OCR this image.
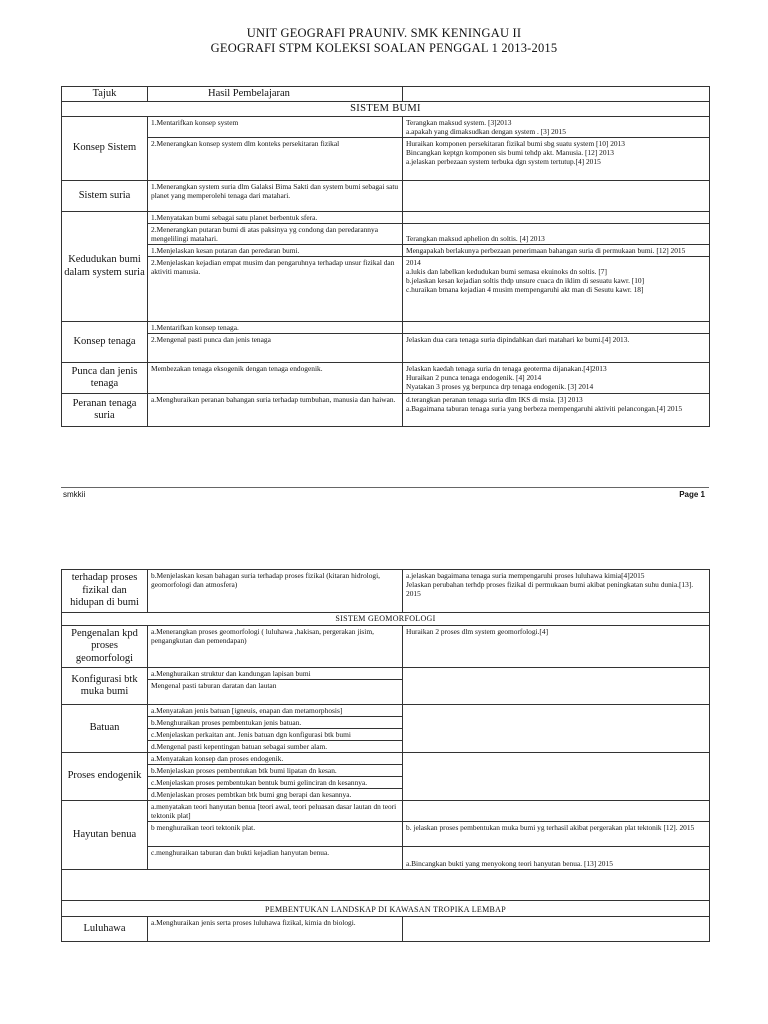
UNIT GEOGRAFI PRAUNIV. SMK KENINGAU II
GEOGRAFI STPM KOLEKSI SOALAN PENGGAL 1 2013-2015
Tajuk	Hasil Pembelajaran	
SISTEM BUMI		
Konsep Sistem	1.Mentarifkan konsep system	Terangkan maksud system. [3]2013
a.apakah yang dimaksudkan dengan system . [3] 2015
	2.Menerangkan konsep system dlm konteks persekitaran fizikal	Huraikan komponen persekitaran fizikal bumi sbg suatu system [10] 2013
Bincangkan keptgn komponen sis bumi tehdp akt. Manusia. [12] 2013
a.jelaskan perbezaan system terbuka dgn system tertutup.[4] 2015
Sistem suria	1.Menerangkan system suria dlm Galaksi Bima Sakti dan system bumi sebagai satu planet yang memperolehi tenaga dari matahari.	
Kedudukan bumi dalam system suria	1.Menyatakan bumi sebagai satu planet berbentuk sfera.	
	2.Menerangkan putaran bumi di atas paksinya yg condong dan peredarannya mengelilingi matahari.	Terangkan maksud aphelion dn soltis. [4] 2013
	1.Menjelaskan kesan putaran dan peredaran bumi.	Mengapakah berlakunya perbezaan penerimaan bahangan suria di permukaan bumi. [12] 2015
	2.Menjelaskan kejadian empat musim dan pengaruhnya terhadap unsur fizikal dan aktiviti manusia.	2014
a.lukis dan labelkan kedudukan bumi semasa ekuinoks dn soltis. [7]
b.jelaskan kesan kejadian soltis thdp unsure cuaca dn iklim di sesuatu kawr. [10]
c.huraikan bmana kejadian 4 musim mempengaruhi akt man di Sesutu kawr. 18]
Konsep tenaga	1.Mentarifkan konsep tenaga.	
	2.Mengenal pasti punca dan jenis tenaga	Jelaskan dua cara tenaga suria dipindahkan dari matahari ke bumi.[4] 2013.
Punca dan jenis tenaga	Membezakan tenaga eksogenik dengan tenaga endogenik.	Jelaskan kaedah tenaga suria dn tenaga geoterma dijanakan.[4]2013
Huraikan 2 punca tenaga endogenik. [4] 2014
Nyatakan 3 proses yg berpunca drp tenaga endogenik. [3] 2014
Peranan tenaga suria	a.Menghuraikan peranan bahangan suria terhadap tumbuhan, manusia dan haiwan.	d.terangkan peranan tenaga suria dlm IKS di msia. [3] 2013
a.Bagaimana taburan tenaga suria yang berbeza mempengaruhi aktiviti pelancongan.[4] 2015
smkkii	Page 1
terhadap proses fizikal dan hidupan di bumi	b.Menjelaskan kesan bahagan suria terhadap proses fizikal (kitaran hidrologi, geomorfologi dan atmosfera)	a.jelaskan bagaimana tenaga suria mempengaruhi proses luluhawa kimia[4]2015
Jelaskan perubahan terhdp proses fizikal di permukaan bumi akibat peningkatan suhu dunia.[13]. 2015
SISTEM GEOMORFOLOGI		
Pengenalan kpd proses geomorfologi	a.Menerangkan proses geomorfologi ( luluhawa ,hakisan, pergerakan jisim, pengangkutan dan pemendapan)	Huraikan 2 proses dlm system geomorfologi.[4]
Konfigurasi btk muka bumi	a.Menghuraikan struktur dan kandungan lapisan bumi	
	Mengenal pasti taburan daratan dan lautan	
Batuan	a.Menyatakan jenis batuan [igneuis, enapan dan metamorphosis]	
	b.Menghuraikan proses pembentukan jenis batuan.	
	c.Menjelaskan perkaitan ant. Jenis batuan dgn konfigurasi btk bumi	
	d.Mengenal pasti kepentingan batuan sebagai sumber alam.	
Proses endogenik	a.Menyatakan konsep dan proses endogenik.	
	b.Menjelaskan proses pembentukan btk bumi lipatan dn kesan.	
	c.Menjelaskan proses pembentukan bentuk bumi gelinciran dn kesannya.	
	d.Menjelaskan proses pembtkan btk bumi gng berapi dan kesannya.	
Hayutan benua	a.menyatakan teori hanyutan benua [teori awal, teori peluasan dasar lautan dn teori tektonik plat]	
	b menghuraikan teori tektonik plat.	b. jelaskan proses pembentukan muka bumi yg terhasil akibat pergerakan plat tektonik [12]. 2015
	c.menghuraikan taburan dan bukti kejadian hanyutan benua.	a.Bincangkan bukti yang menyokong teori hanyutan benua. [13] 2015

PEMBENTUKAN LANDSKAP DI KAWASAN TROPIKA LEMBAP		
Luluhawa	a.Menghuraikan jenis serta proses luluhawa fizikal, kimia dn biologi.	
